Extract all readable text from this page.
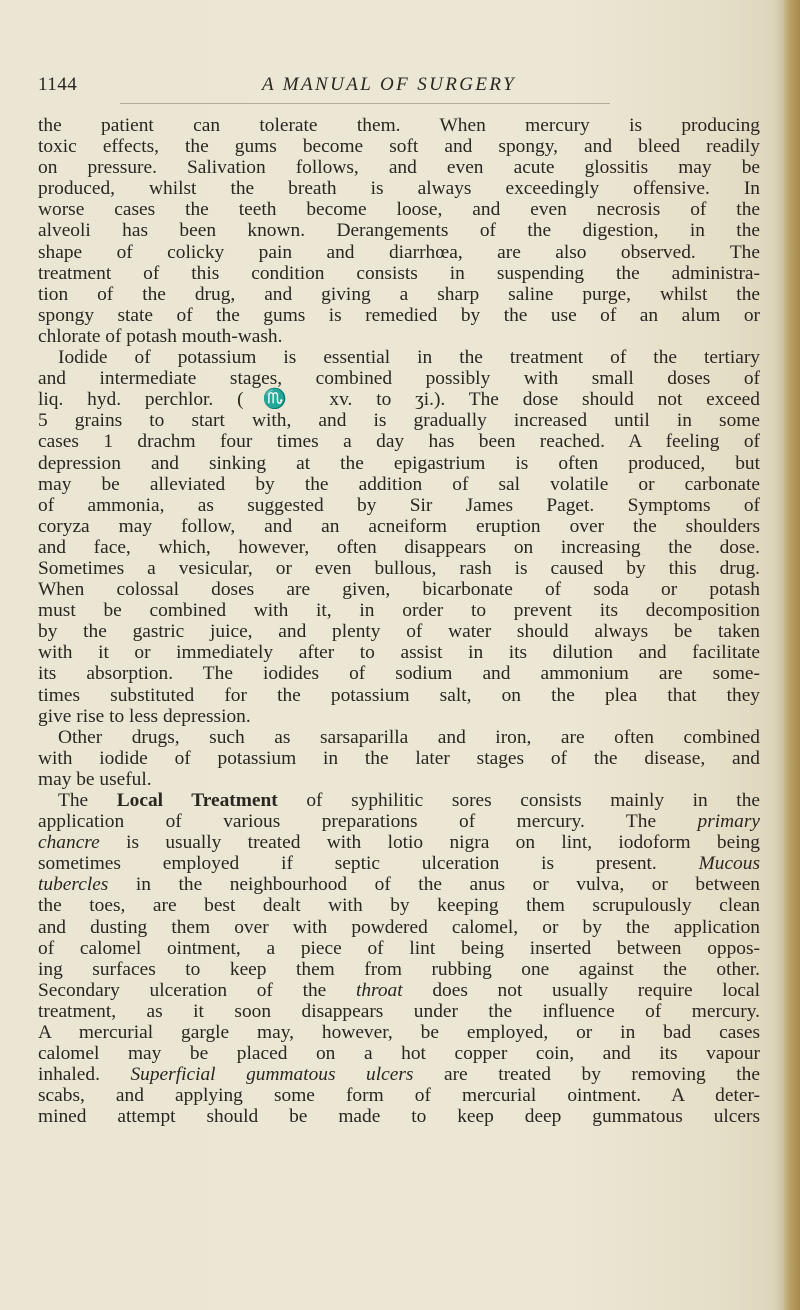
1144	A MANUAL OF SURGERY
the patient can tolerate them. When mercury is producing
toxic effects, the gums become soft and spongy, and bleed readily
on pressure. Salivation follows, and even acute glossitis may be
produced, whilst the breath is always exceedingly offensive. In
worse cases the teeth become loose, and even necrosis of the
alveoli has been known. Derangements of the digestion, in the
shape of colicky pain and diarrhœa, are also observed. The
treatment of this condition consists in suspending the administra-
tion of the drug, and giving a sharp saline purge, whilst the
spongy state of the gums is remedied by the use of an alum or
chlorate of potash mouth-wash.
Iodide of potassium is essential in the treatment of the tertiary
and intermediate stages, combined possibly with small doses of
liq. hyd. perchlor. (♏ xv. to ʒi.). The dose should not exceed
5 grains to start with, and is gradually increased until in some
cases 1 drachm four times a day has been reached. A feeling of
depression and sinking at the epigastrium is often produced, but
may be alleviated by the addition of sal volatile or carbonate
of ammonia, as suggested by Sir James Paget. Symptoms of
coryza may follow, and an acneiform eruption over the shoulders
and face, which, however, often disappears on increasing the dose.
Sometimes a vesicular, or even bullous, rash is caused by this drug.
When colossal doses are given, bicarbonate of soda or potash
must be combined with it, in order to prevent its decomposition
by the gastric juice, and plenty of water should always be taken
with it or immediately after to assist in its dilution and facilitate
its absorption. The iodides of sodium and ammonium are some-
times substituted for the potassium salt, on the plea that they
give rise to less depression.
Other drugs, such as sarsaparilla and iron, are often combined
with iodide of potassium in the later stages of the disease, and
may be useful.
The Local Treatment of syphilitic sores consists mainly in the
application of various preparations of mercury. The primary
chancre is usually treated with lotio nigra on lint, iodoform being
sometimes employed if septic ulceration is present. Mucous
tubercles in the neighbourhood of the anus or vulva, or between
the toes, are best dealt with by keeping them scrupulously clean
and dusting them over with powdered calomel, or by the application
of calomel ointment, a piece of lint being inserted between oppos-
ing surfaces to keep them from rubbing one against the other.
Secondary ulceration of the throat does not usually require local
treatment, as it soon disappears under the influence of mercury.
A mercurial gargle may, however, be employed, or in bad cases
calomel may be placed on a hot copper coin, and its vapour
inhaled. Superficial gummatous ulcers are treated by removing the
scabs, and applying some form of mercurial ointment. A deter-
mined attempt should be made to keep deep gummatous ulcers
